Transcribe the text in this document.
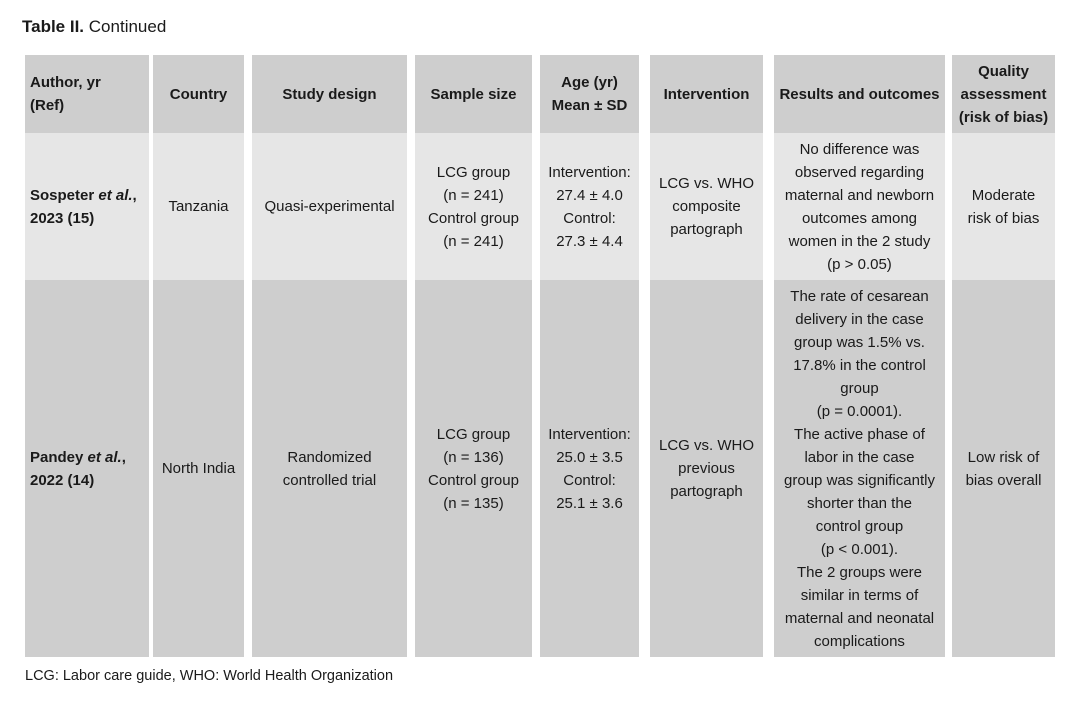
Table II. Continued
Author, yr
(Ref)
Country	Study design	Sample size
Age (yr)
Mean ± SD
Intervention Results and outcomes
Quality
assessment
(risk of bias)
Sospeter et al.,
2023 (15)
Tanzania Quasi-experimental
LCG group
(n = 241)
Control group
(n = 241)
Intervention:
27.4 ± 4.0
Control:
27.3 ± 4.4
LCG vs. WHO
composite
partograph
No difference was
observed regarding
maternal and newborn
outcomes among
women in the 2 study
(p > 0.05)
Moderate
risk of bias
Pandey et al.,
2022 (14)
North India
Randomized
controlled trial
LCG group
(n = 136)
Control group
(n = 135)
Intervention:
25.0 ± 3.5
Control:
25.1 ± 3.6
LCG vs. WHO
previous
partograph
The rate of cesarean
delivery in the case
group was 1.5% vs.
17.8% in the control
group
(p = 0.0001).
The active phase of
labor in the case
group was significantly
shorter than the
control group
(p < 0.001).
The 2 groups were
similar in terms of
maternal and neonatal
complications
Low risk of
bias overall
LCG: Labor care guide, WHO: World Health Organization
